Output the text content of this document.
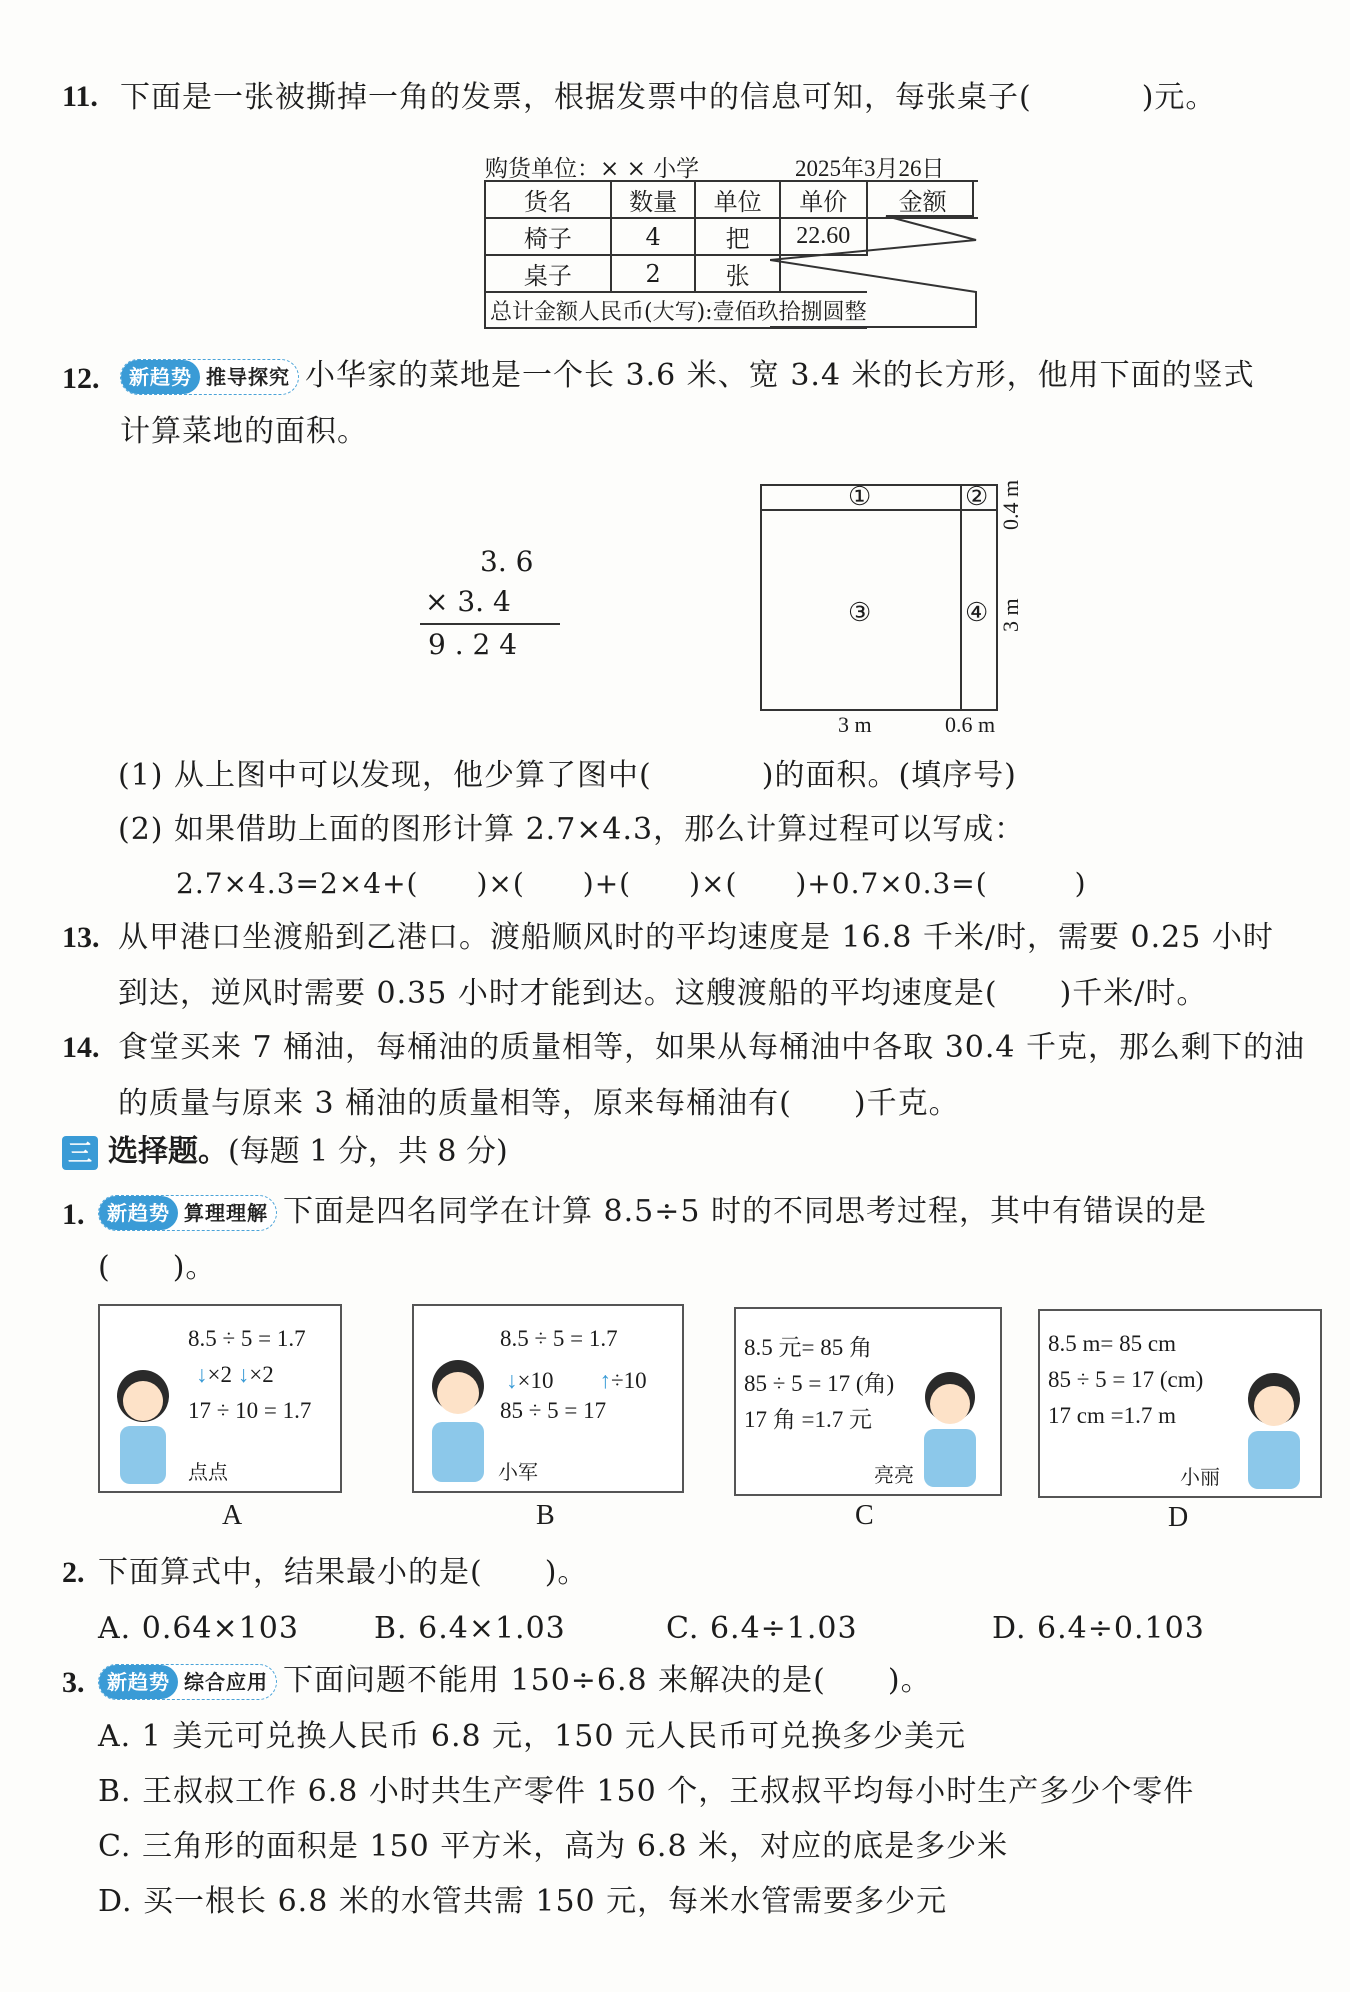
11. 下面是一张被撕掉一角的发票，根据发票中的信息可知，每张桌子(	)元。
购货单位：× × 小学	2025年3月26日
货名	数量	单位	单价	金额
椅子	4	把	22.60	
桌子	2	张		
总计金额人民币(大写):壹佰玖拾捌圆整				
12.	新趋势 推导探究 小华家的菜地是一个长 3.6 米、宽 3.4 米的长方形，他用下面的竖式
计算菜地的面积。
3. 6
× 3. 4
9 . 2 4
①	②
③	④
0.4 m
3 m
3 m	0.6 m
(1) 从上图中可以发现，他少算了图中(	)的面积。(填序号)
(2) 如果借助上面的图形计算 2.7×4.3，那么计算过程可以写成：
2.7×4.3=2×4+(　　)×(　　)+(　　)×(　　)+0.7×0.3=(　　　)
13. 从甲港口坐渡船到乙港口。渡船顺风时的平均速度是 16.8 千米/时，需要 0.25 小时
到达，逆风时需要 0.35 小时才能到达。这艘渡船的平均速度是(　　)千米/时。
14. 食堂买来 7 桶油，每桶油的质量相等，如果从每桶油中各取 30.4 千克，那么剩下的油
的质量与原来 3 桶油的质量相等，原来每桶油有(　　)千克。
三 选择题。(每题 1 分，共 8 分)
1.	新趋势 算理理解 下面是四名同学在计算 8.5÷5 时的不同思考过程，其中有错误的是
(　　)。
8.5 ÷ 5 = 1.7
↓×2 ↓×2
17 ÷ 10 = 1.7
点点
A
8.5 ÷ 5 = 1.7
↓×10　　 ↑÷10
85 ÷ 5 = 17
小军
B
8.5 元= 85 角
85 ÷ 5 = 17 (角)
17 角 =1.7 元
亮亮
C
8.5 m= 85 cm
85 ÷ 5 = 17 (cm)
17 cm =1.7 m
小丽
D
2. 下面算式中，结果最小的是(　　)。
A. 0.64×103	B. 6.4×1.03	C. 6.4÷1.03	D. 6.4÷0.103
3.	新趋势 综合应用 下面问题不能用 150÷6.8 来解决的是(　　)。
A. 1 美元可兑换人民币 6.8 元，150 元人民币可兑换多少美元
B. 王叔叔工作 6.8 小时共生产零件 150 个，王叔叔平均每小时生产多少个零件
C. 三角形的面积是 150 平方米，高为 6.8 米，对应的底是多少米
D. 买一根长 6.8 米的水管共需 150 元，每米水管需要多少元
